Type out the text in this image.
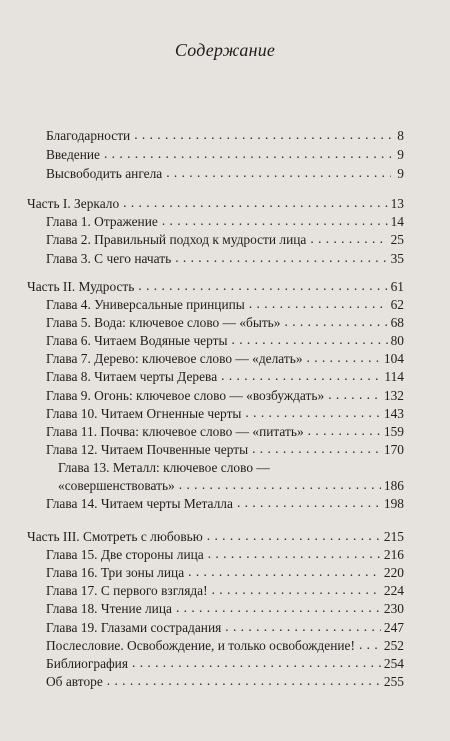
Содержание
Благодарности . . .	8
Введение . . .	9
Высвободить ангела . . .	9
Часть I. Зеркало . . .	13
Глава 1. Отражение . . .	14
Глава 2. Правильный подход к мудрости лица . . .	25
Глава 3. С чего начать . . .	35
Часть II. Мудрость . . .	61
Глава 4. Универсальные принципы . . .	62
Глава 5. Вода: ключевое слово — «быть» . . .	68
Глава 6. Читаем Водяные черты . . .	80
Глава 7. Дерево: ключевое слово — «делать» . . .	104
Глава 8. Читаем черты Дерева . . .	114
Глава 9. Огонь: ключевое слово — «возбуждать» . . .	132
Глава 10. Читаем Огненные черты . . .	143
Глава 11. Почва: ключевое слово — «питать» . . .	159
Глава 12. Читаем Почвенные черты . . .	170
Глава 13. Металл: ключевое слово —
«совершенствовать» . . .	186
Глава 14. Читаем черты Металла . . .	198
Часть III. Смотреть с любовью . . .	215
Глава 15. Две стороны лица . . .	216
Глава 16. Три зоны лица . . .	220
Глава 17. С первого взгляда! . . .	224
Глава 18. Чтение лица . . .	230
Глава 19. Глазами сострадания . . .	247
Послесловие. Освобождение, и только освобождение! . . . 252
Библиография . . .	254
Об авторе . . .	255
